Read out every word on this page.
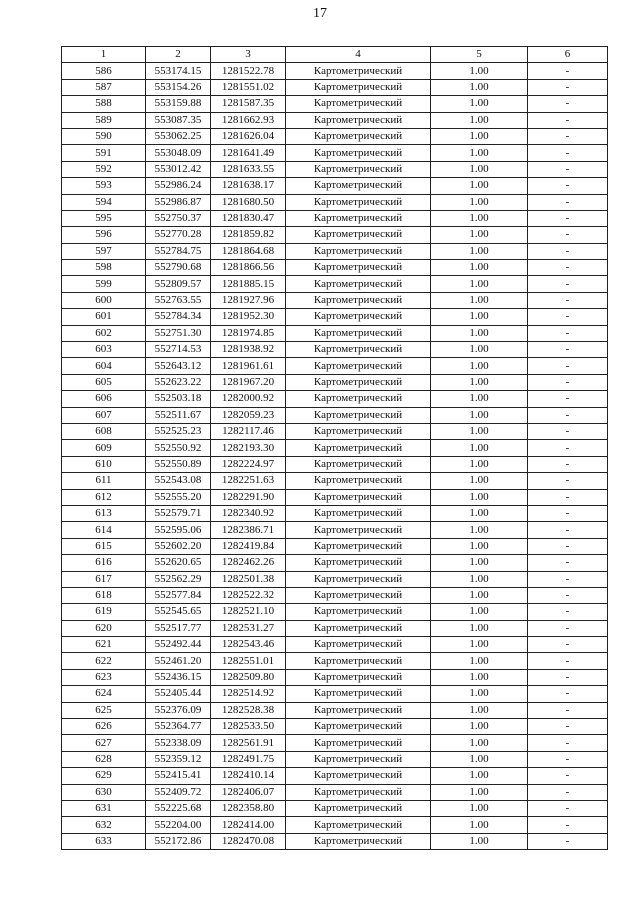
17
1	2	3	4	5	6
586	553174.15	1281522.78	Картометрический	1.00	-
587	553154.26	1281551.02	Картометрический	1.00	-
588	553159.88	1281587.35	Картометрический	1.00	-
589	553087.35	1281662.93	Картометрический	1.00	-
590	553062.25	1281626.04	Картометрический	1.00	-
591	553048.09	1281641.49	Картометрический	1.00	-
592	553012.42	1281633.55	Картометрический	1.00	-
593	552986.24	1281638.17	Картометрический	1.00	-
594	552986.87	1281680.50	Картометрический	1.00	-
595	552750.37	1281830.47	Картометрический	1.00	-
596	552770.28	1281859.82	Картометрический	1.00	-
597	552784.75	1281864.68	Картометрический	1.00	-
598	552790.68	1281866.56	Картометрический	1.00	-
599	552809.57	1281885.15	Картометрический	1.00	-
600	552763.55	1281927.96	Картометрический	1.00	-
601	552784.34	1281952.30	Картометрический	1.00	-
602	552751.30	1281974.85	Картометрический	1.00	-
603	552714.53	1281938.92	Картометрический	1.00	-
604	552643.12	1281961.61	Картометрический	1.00	-
605	552623.22	1281967.20	Картометрический	1.00	-
606	552503.18	1282000.92	Картометрический	1.00	-
607	552511.67	1282059.23	Картометрический	1.00	-
608	552525.23	1282117.46	Картометрический	1.00	-
609	552550.92	1282193.30	Картометрический	1.00	-
610	552550.89	1282224.97	Картометрический	1.00	-
611	552543.08	1282251.63	Картометрический	1.00	-
612	552555.20	1282291.90	Картометрический	1.00	-
613	552579.71	1282340.92	Картометрический	1.00	-
614	552595.06	1282386.71	Картометрический	1.00	-
615	552602.20	1282419.84	Картометрический	1.00	-
616	552620.65	1282462.26	Картометрический	1.00	-
617	552562.29	1282501.38	Картометрический	1.00	-
618	552577.84	1282522.32	Картометрический	1.00	-
619	552545.65	1282521.10	Картометрический	1.00	-
620	552517.77	1282531.27	Картометрический	1.00	-
621	552492.44	1282543.46	Картометрический	1.00	-
622	552461.20	1282551.01	Картометрический	1.00	-
623	552436.15	1282509.80	Картометрический	1.00	-
624	552405.44	1282514.92	Картометрический	1.00	-
625	552376.09	1282528.38	Картометрический	1.00	-
626	552364.77	1282533.50	Картометрический	1.00	-
627	552338.09	1282561.91	Картометрический	1.00	-
628	552359.12	1282491.75	Картометрический	1.00	-
629	552415.41	1282410.14	Картометрический	1.00	-
630	552409.72	1282406.07	Картометрический	1.00	-
631	552225.68	1282358.80	Картометрический	1.00	-
632	552204.00	1282414.00	Картометрический	1.00	-
633	552172.86	1282470.08	Картометрический	1.00	-
